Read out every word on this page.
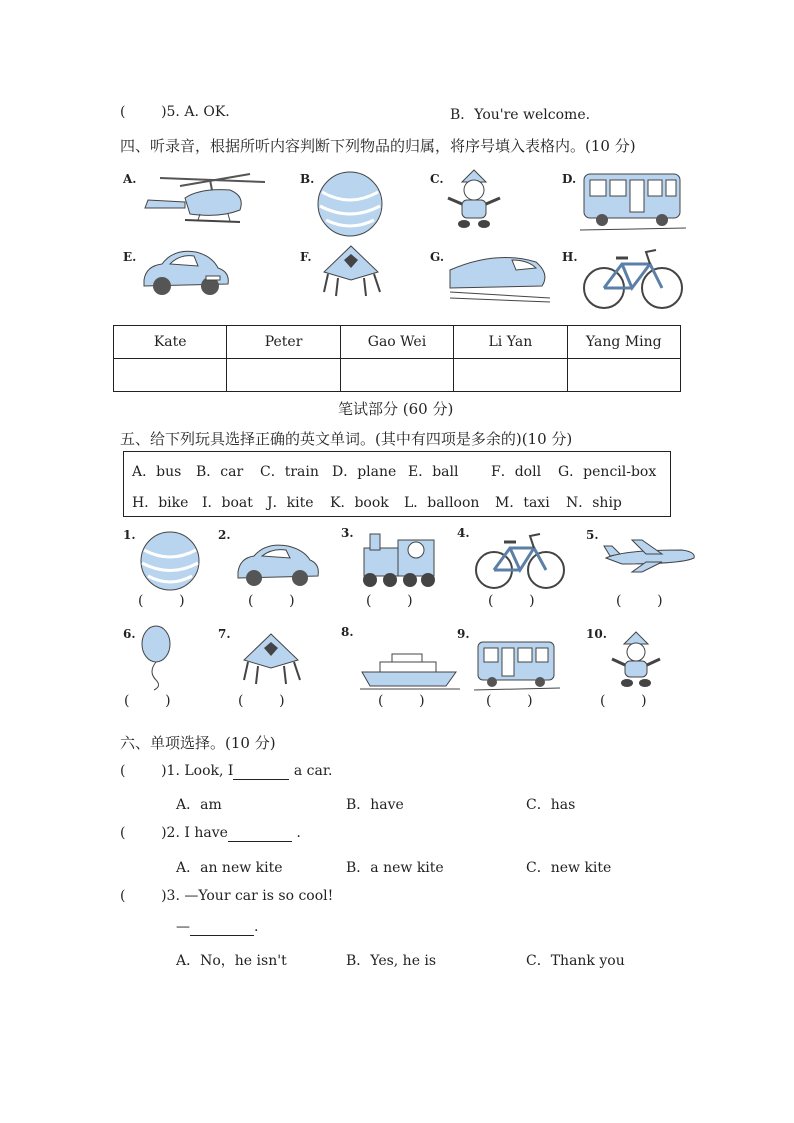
(        )5. A. OK.	B．You're welcome.
四、听录音，根据所听内容判断下列物品的归属，将序号填入表格内。(10 分)
A.	B.	C.	D.
E.	F.	G.	H.
Kate	Peter	Gao Wei	Li Yan	Yang Ming

笔试部分 (60 分)
五、给下列玩具选择正确的英文单词。(其中有四项是多余的)(10 分)
A．bus B．car C．train D．plane E．ball F．doll G．pencil-box
H．bike I．boat J．kite K．book L．balloon M．taxi N．ship
1.
(        )
2.
(        )
3.
(        )
4.
(        )
5.
(        )
6.
(        )
7.
(        )
8.
(        )
9.
(        )
10.
(        )
六、单项选择。(10 分)
(        )1. Look, I	a car.
A．am	B．have	C．has
(        )2. I have	.
A．an new kite	B．a new kite	C．new kite
(        )3. —Your car is so cool!
—	.
A．No，he isn't	B．Yes, he is	C．Thank you
